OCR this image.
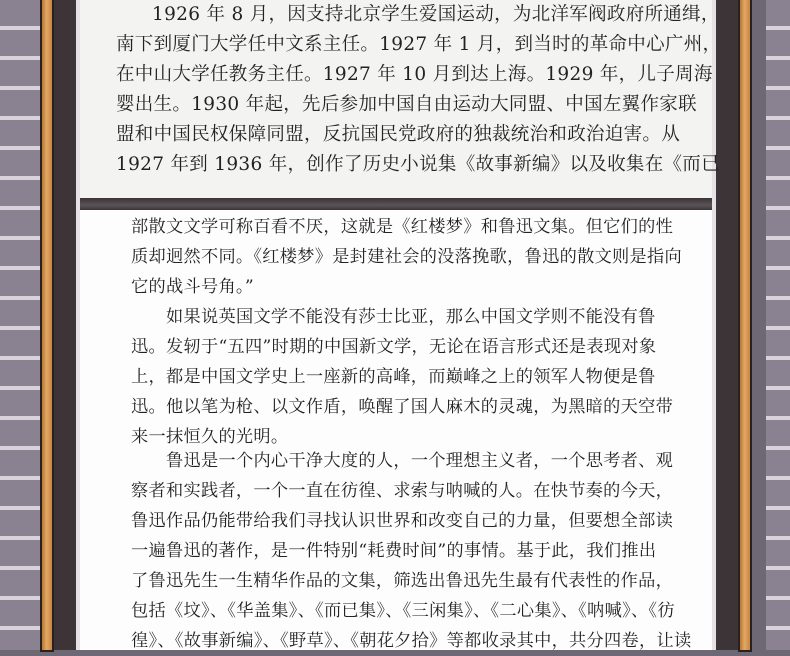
1926 年 8 月，因支持北京学生爱国运动，为北洋军阀政府所通缉，
南下到厦门大学任中文系主任。1927 年 1 月，到当时的革命中心广州，
在中山大学任教务主任。1927 年 10 月到达上海。1929 年，儿子周海
婴出生。1930 年起，先后参加中国自由运动大同盟、中国左翼作家联
盟和中国民权保障同盟，反抗国民党政府的独裁统治和政治迫害。从
1927 年到 1936 年，创作了历史小说集《故事新编》以及收集在《而已

部散文文学可称百看不厌，这就是《红楼梦》和鲁迅文集。但它们的性
质却迥然不同。《红楼梦》是封建社会的没落挽歌，鲁迅的散文则是指向
它的战斗号角。”

如果说英国文学不能没有莎士比亚，那么中国文学则不能没有鲁
迅。发轫于“五四”时期的中国新文学，无论在语言形式还是表现对象
上，都是中国文学史上一座新的高峰，而巅峰之上的领军人物便是鲁
迅。他以笔为枪、以文作盾，唤醒了国人麻木的灵魂，为黑暗的天空带
来一抹恒久的光明。

鲁迅是一个内心干净大度的人，一个理想主义者，一个思考者、观
察者和实践者，一个一直在彷徨、求索与呐喊的人。在快节奏的今天，
鲁迅作品仍能带给我们寻找认识世界和改变自己的力量，但要想全部读
一遍鲁迅的著作，是一件特别“耗费时间”的事情。基于此，我们推出
了鲁迅先生一生精华作品的文集，筛选出鲁迅先生最有代表性的作品，
包括《坟》、《华盖集》、《而已集》、《三闲集》、《二心集》、《呐喊》、《彷
徨》、《故事新编》、《野草》、《朝花夕拾》等都收录其中，共分四卷，让读
